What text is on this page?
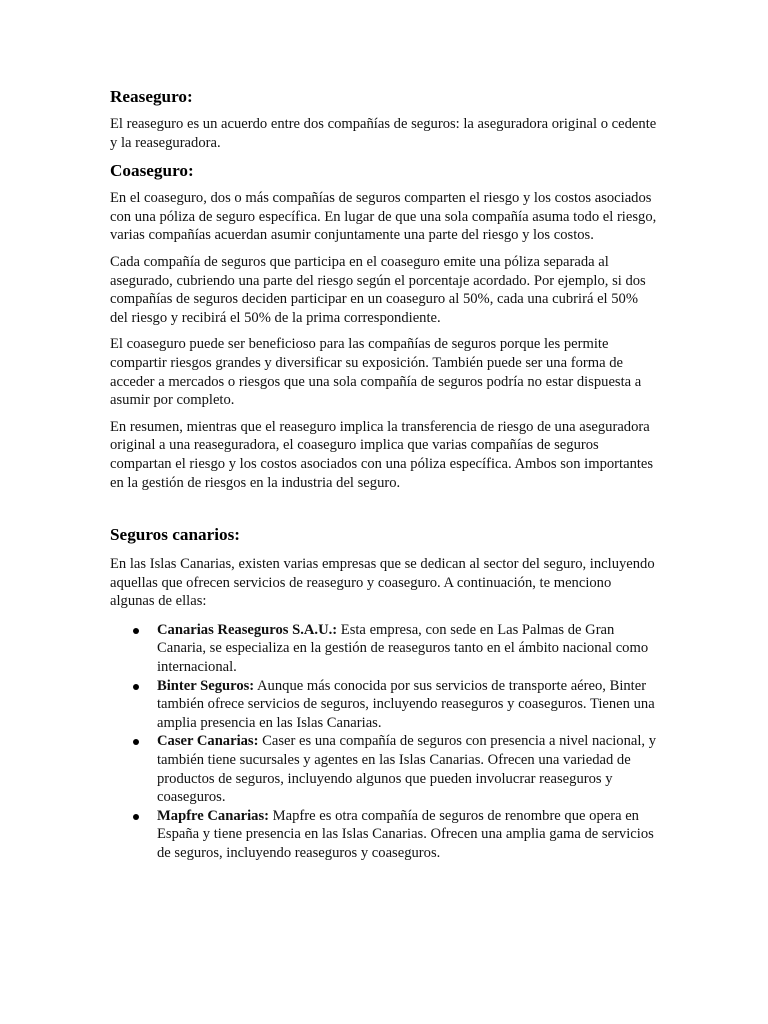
Reaseguro:

El reaseguro es un acuerdo entre dos compañías de seguros: la aseguradora original o cedente y la reaseguradora.

Coaseguro:

En el coaseguro, dos o más compañías de seguros comparten el riesgo y los costos asociados con una póliza de seguro específica. En lugar de que una sola compañía asuma todo el riesgo, varias compañías acuerdan asumir conjuntamente una parte del riesgo y los costos.

Cada compañía de seguros que participa en el coaseguro emite una póliza separada al asegurado, cubriendo una parte del riesgo según el porcentaje acordado. Por ejemplo, si dos compañías de seguros deciden participar en un coaseguro al 50%, cada una cubrirá el 50% del riesgo y recibirá el 50% de la prima correspondiente.

El coaseguro puede ser beneficioso para las compañías de seguros porque les permite compartir riesgos grandes y diversificar su exposición. También puede ser una forma de acceder a mercados o riesgos que una sola compañía de seguros podría no estar dispuesta a asumir por completo.

En resumen, mientras que el reaseguro implica la transferencia de riesgo de una aseguradora original a una reaseguradora, el coaseguro implica que varias compañías de seguros compartan el riesgo y los costos asociados con una póliza específica. Ambos son importantes en la gestión de riesgos en la industria del seguro.

Seguros canarios:

En las Islas Canarias, existen varias empresas que se dedican al sector del seguro, incluyendo aquellas que ofrecen servicios de reaseguro y coaseguro. A continuación, te menciono algunas de ellas:

Canarias Reaseguros S.A.U.: Esta empresa, con sede en Las Palmas de Gran Canaria, se especializa en la gestión de reaseguros tanto en el ámbito nacional como internacional.
Binter Seguros: Aunque más conocida por sus servicios de transporte aéreo, Binter también ofrece servicios de seguros, incluyendo reaseguros y coaseguros. Tienen una amplia presencia en las Islas Canarias.
Caser Canarias: Caser es una compañía de seguros con presencia a nivel nacional, y también tiene sucursales y agentes en las Islas Canarias. Ofrecen una variedad de productos de seguros, incluyendo algunos que pueden involucrar reaseguros y coaseguros.
Mapfre Canarias: Mapfre es otra compañía de seguros de renombre que opera en España y tiene presencia en las Islas Canarias. Ofrecen una amplia gama de servicios de seguros, incluyendo reaseguros y coaseguros.
